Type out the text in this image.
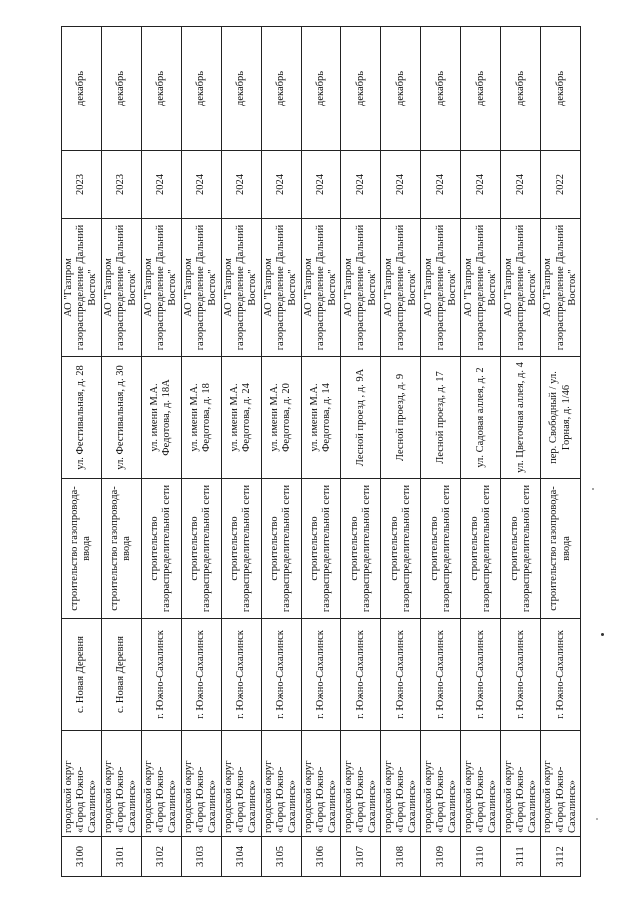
3100	городской округ «Город Южно-Сахалинск»	с. Новая Деревня	строительство газопровода-ввода	ул. Фестивальная, д. 28	АО "Газпром газораспределение Дальний Восток"	2023	декабрь
3101	городской округ «Город Южно-Сахалинск»	с. Новая Деревня	строительство газопровода-ввода	ул. Фестивальная, д. 30	АО "Газпром газораспределение Дальний Восток"	2023	декабрь
3102	городской округ «Город Южно-Сахалинск»	г. Южно-Сахалинск	строительство газораспределительной сети	ул. имени М.А. Федотова, д. 18А	АО "Газпром газораспределение Дальний Восток"	2024	декабрь
3103	городской округ «Город Южно-Сахалинск»	г. Южно-Сахалинск	строительство газораспределительной сети	ул. имени М.А. Федотова, д. 18	АО "Газпром газораспределение Дальний Восток"	2024	декабрь
3104	городской округ «Город Южно-Сахалинск»	г. Южно-Сахалинск	строительство газораспределительной сети	ул. имени М.А. Федотова, д. 24	АО "Газпром газораспределение Дальний Восток"	2024	декабрь
3105	городской округ «Город Южно-Сахалинск»	г. Южно-Сахалинск	строительство газораспределительной сети	ул. имени М.А. Федотова, д. 20	АО "Газпром газораспределение Дальний Восток"	2024	декабрь
3106	городской округ «Город Южно-Сахалинск»	г. Южно-Сахалинск	строительство газораспределительной сети	ул. имени М.А. Федотова, д. 14	АО "Газпром газораспределение Дальний Восток"	2024	декабрь
3107	городской округ «Город Южно-Сахалинск»	г. Южно-Сахалинск	строительство газораспределительной сети	Лесной проезд , д. 9А	АО "Газпром газораспределение Дальний Восток"	2024	декабрь
3108	городской округ «Город Южно-Сахалинск»	г. Южно-Сахалинск	строительство газораспределительной сети	Лесной проезд, д. 9	АО "Газпром газораспределение Дальний Восток"	2024	декабрь
3109	городской округ «Город Южно-Сахалинск»	г. Южно-Сахалинск	строительство газораспределительной сети	Лесной проезд, д. 17	АО "Газпром газораспределение Дальний Восток"	2024	декабрь
3110	городской округ «Город Южно-Сахалинск»	г. Южно-Сахалинск	строительство газораспределительной сети	ул. Садовая аллея, д. 2	АО "Газпром газораспределение Дальний Восток"	2024	декабрь
3111	городской округ «Город Южно-Сахалинск»	г. Южно-Сахалинск	строительство газораспределительной сети	ул. Цветочная аллея, д. 4	АО "Газпром газораспределение Дальний Восток"	2024	декабрь
3112	городской округ «Город Южно-Сахалинск»	г. Южно-Сахалинск	строительство газопровода-ввода	пер. Свободный / ул. Горная, д. 1/46	АО "Газпром газораспределение Дальний Восток"	2022	декабрь
